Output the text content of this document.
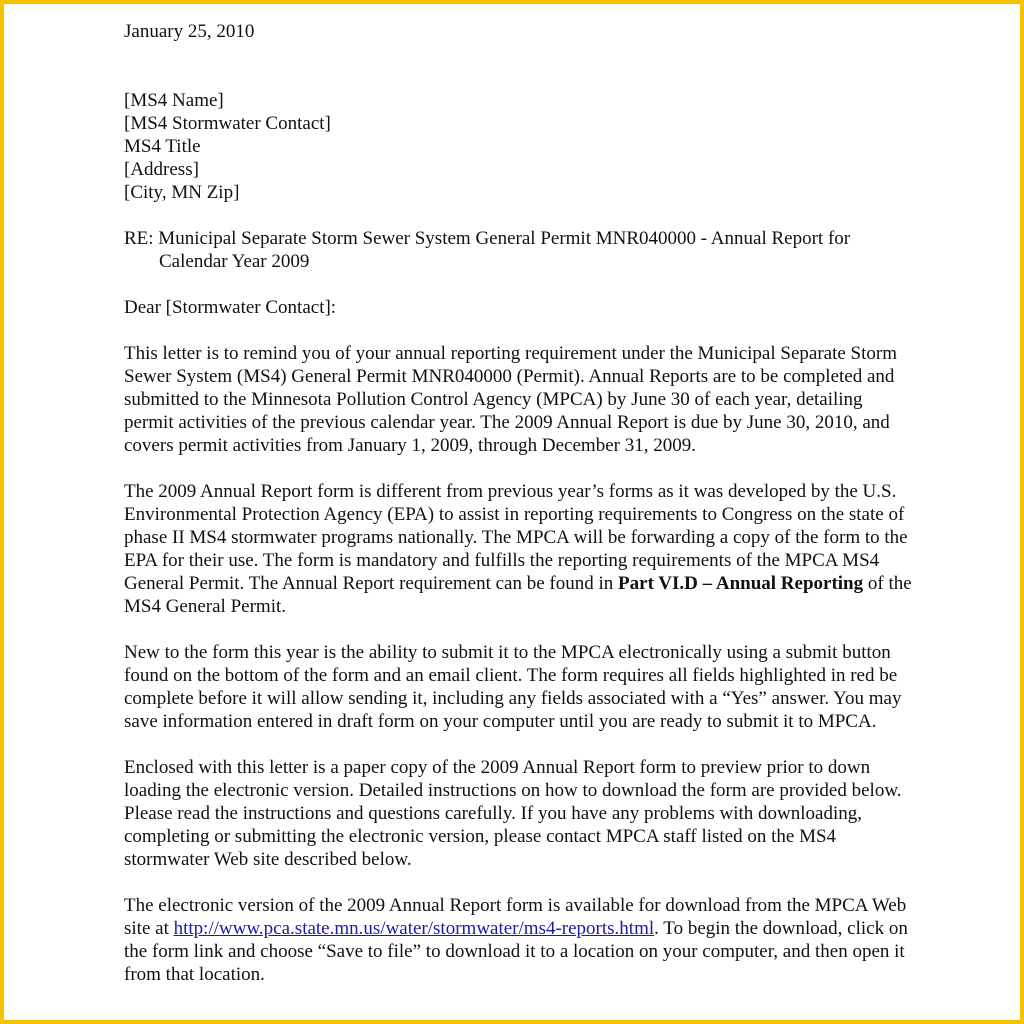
January 25, 2010
[MS4 Name]
[MS4 Stormwater Contact]
MS4 Title
[Address]
[City, MN Zip]
RE: Municipal Separate Storm Sewer System General Permit MNR040000 - Annual Report for Calendar Year 2009
Dear [Stormwater Contact]:

This letter is to remind you of your annual reporting requirement under the Municipal Separate Storm Sewer System (MS4) General Permit MNR040000 (Permit). Annual Reports are to be completed and submitted to the Minnesota Pollution Control Agency (MPCA) by June 30 of each year, detailing permit activities of the previous calendar year. The 2009 Annual Report is due by June 30, 2010, and covers permit activities from January 1, 2009, through December 31, 2009.

The 2009 Annual Report form is different from previous year’s forms as it was developed by the U.S. Environmental Protection Agency (EPA) to assist in reporting requirements to Congress on the state of phase II MS4 stormwater programs nationally. The MPCA will be forwarding a copy of the form to the EPA for their use. The form is mandatory and fulfills the reporting requirements of the MPCA MS4 General Permit. The Annual Report requirement can be found in Part VI.D – Annual Reporting of the MS4 General Permit.

New to the form this year is the ability to submit it to the MPCA electronically using a submit button found on the bottom of the form and an email client. The form requires all fields highlighted in red be complete before it will allow sending it, including any fields associated with a “Yes” answer. You may save information entered in draft form on your computer until you are ready to submit it to MPCA.

Enclosed with this letter is a paper copy of the 2009 Annual Report form to preview prior to down loading the electronic version. Detailed instructions on how to download the form are provided below. Please read the instructions and questions carefully. If you have any problems with downloading, completing or submitting the electronic version, please contact MPCA staff listed on the MS4 stormwater Web site described below.

The electronic version of the 2009 Annual Report form is available for download from the MPCA Web site at http://www.pca.state.mn.us/water/stormwater/ms4-reports.html. To begin the download, click on the form link and choose “Save to file” to download it to a location on your computer, and then open it from that location.
